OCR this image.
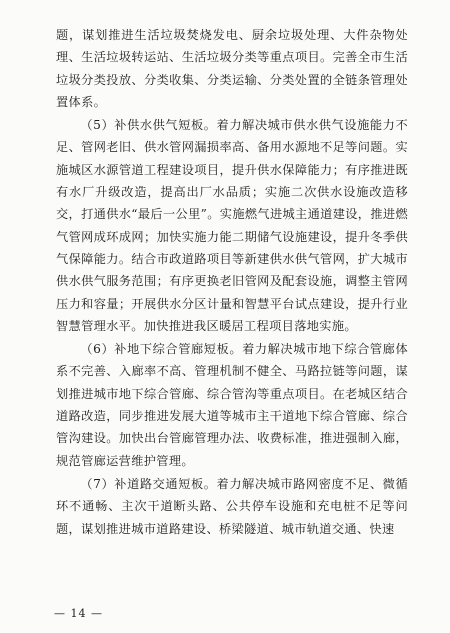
题，谋划推进生活垃圾焚烧发电、厨余垃圾处理、大件杂物处理、生活垃圾转运站、生活垃圾分类等重点项目。完善全市生活垃圾分类投放、分类收集、分类运输、分类处置的全链条管理处置体系。

（5）补供水供气短板。着力解决城市供水供气设施能力不足、管网老旧、供水管网漏损率高、备用水源地不足等问题。实施城区水源管道工程建设项目，提升供水保障能力；有序推进既有水厂升级改造，提高出厂水品质；实施二次供水设施改造移交，打通供水“最后一公里”。实施燃气进城主通道建设，推进燃气管网成环成网；加快实施力能二期储气设施建设，提升冬季供气保障能力。结合市政道路项目等新建供水供气管网，扩大城市供水供气服务范围；有序更换老旧管网及配套设施，调整主管网压力和容量；开展供水分区计量和智慧平台试点建设，提升行业智慧管理水平。加快推进我区暖居工程项目落地实施。

（6）补地下综合管廊短板。着力解决城市地下综合管廊体系不完善、入廊率不高、管理机制不健全、马路拉链等问题，谋划推进城市地下综合管廊、综合管沟等重点项目。在老城区结合道路改造，同步推进发展大道等城市主干道地下综合管廊、综合管沟建设。加快出台管廊管理办法、收费标准，推进强制入廊，规范管廊运营维护管理。

（7）补道路交通短板。着力解决城市路网密度不足、微循环不通畅、主次干道断头路、公共停车设施和充电桩不足等问题，谋划推进城市道路建设、桥梁隧道、城市轨道交通、快速

— 14 —
